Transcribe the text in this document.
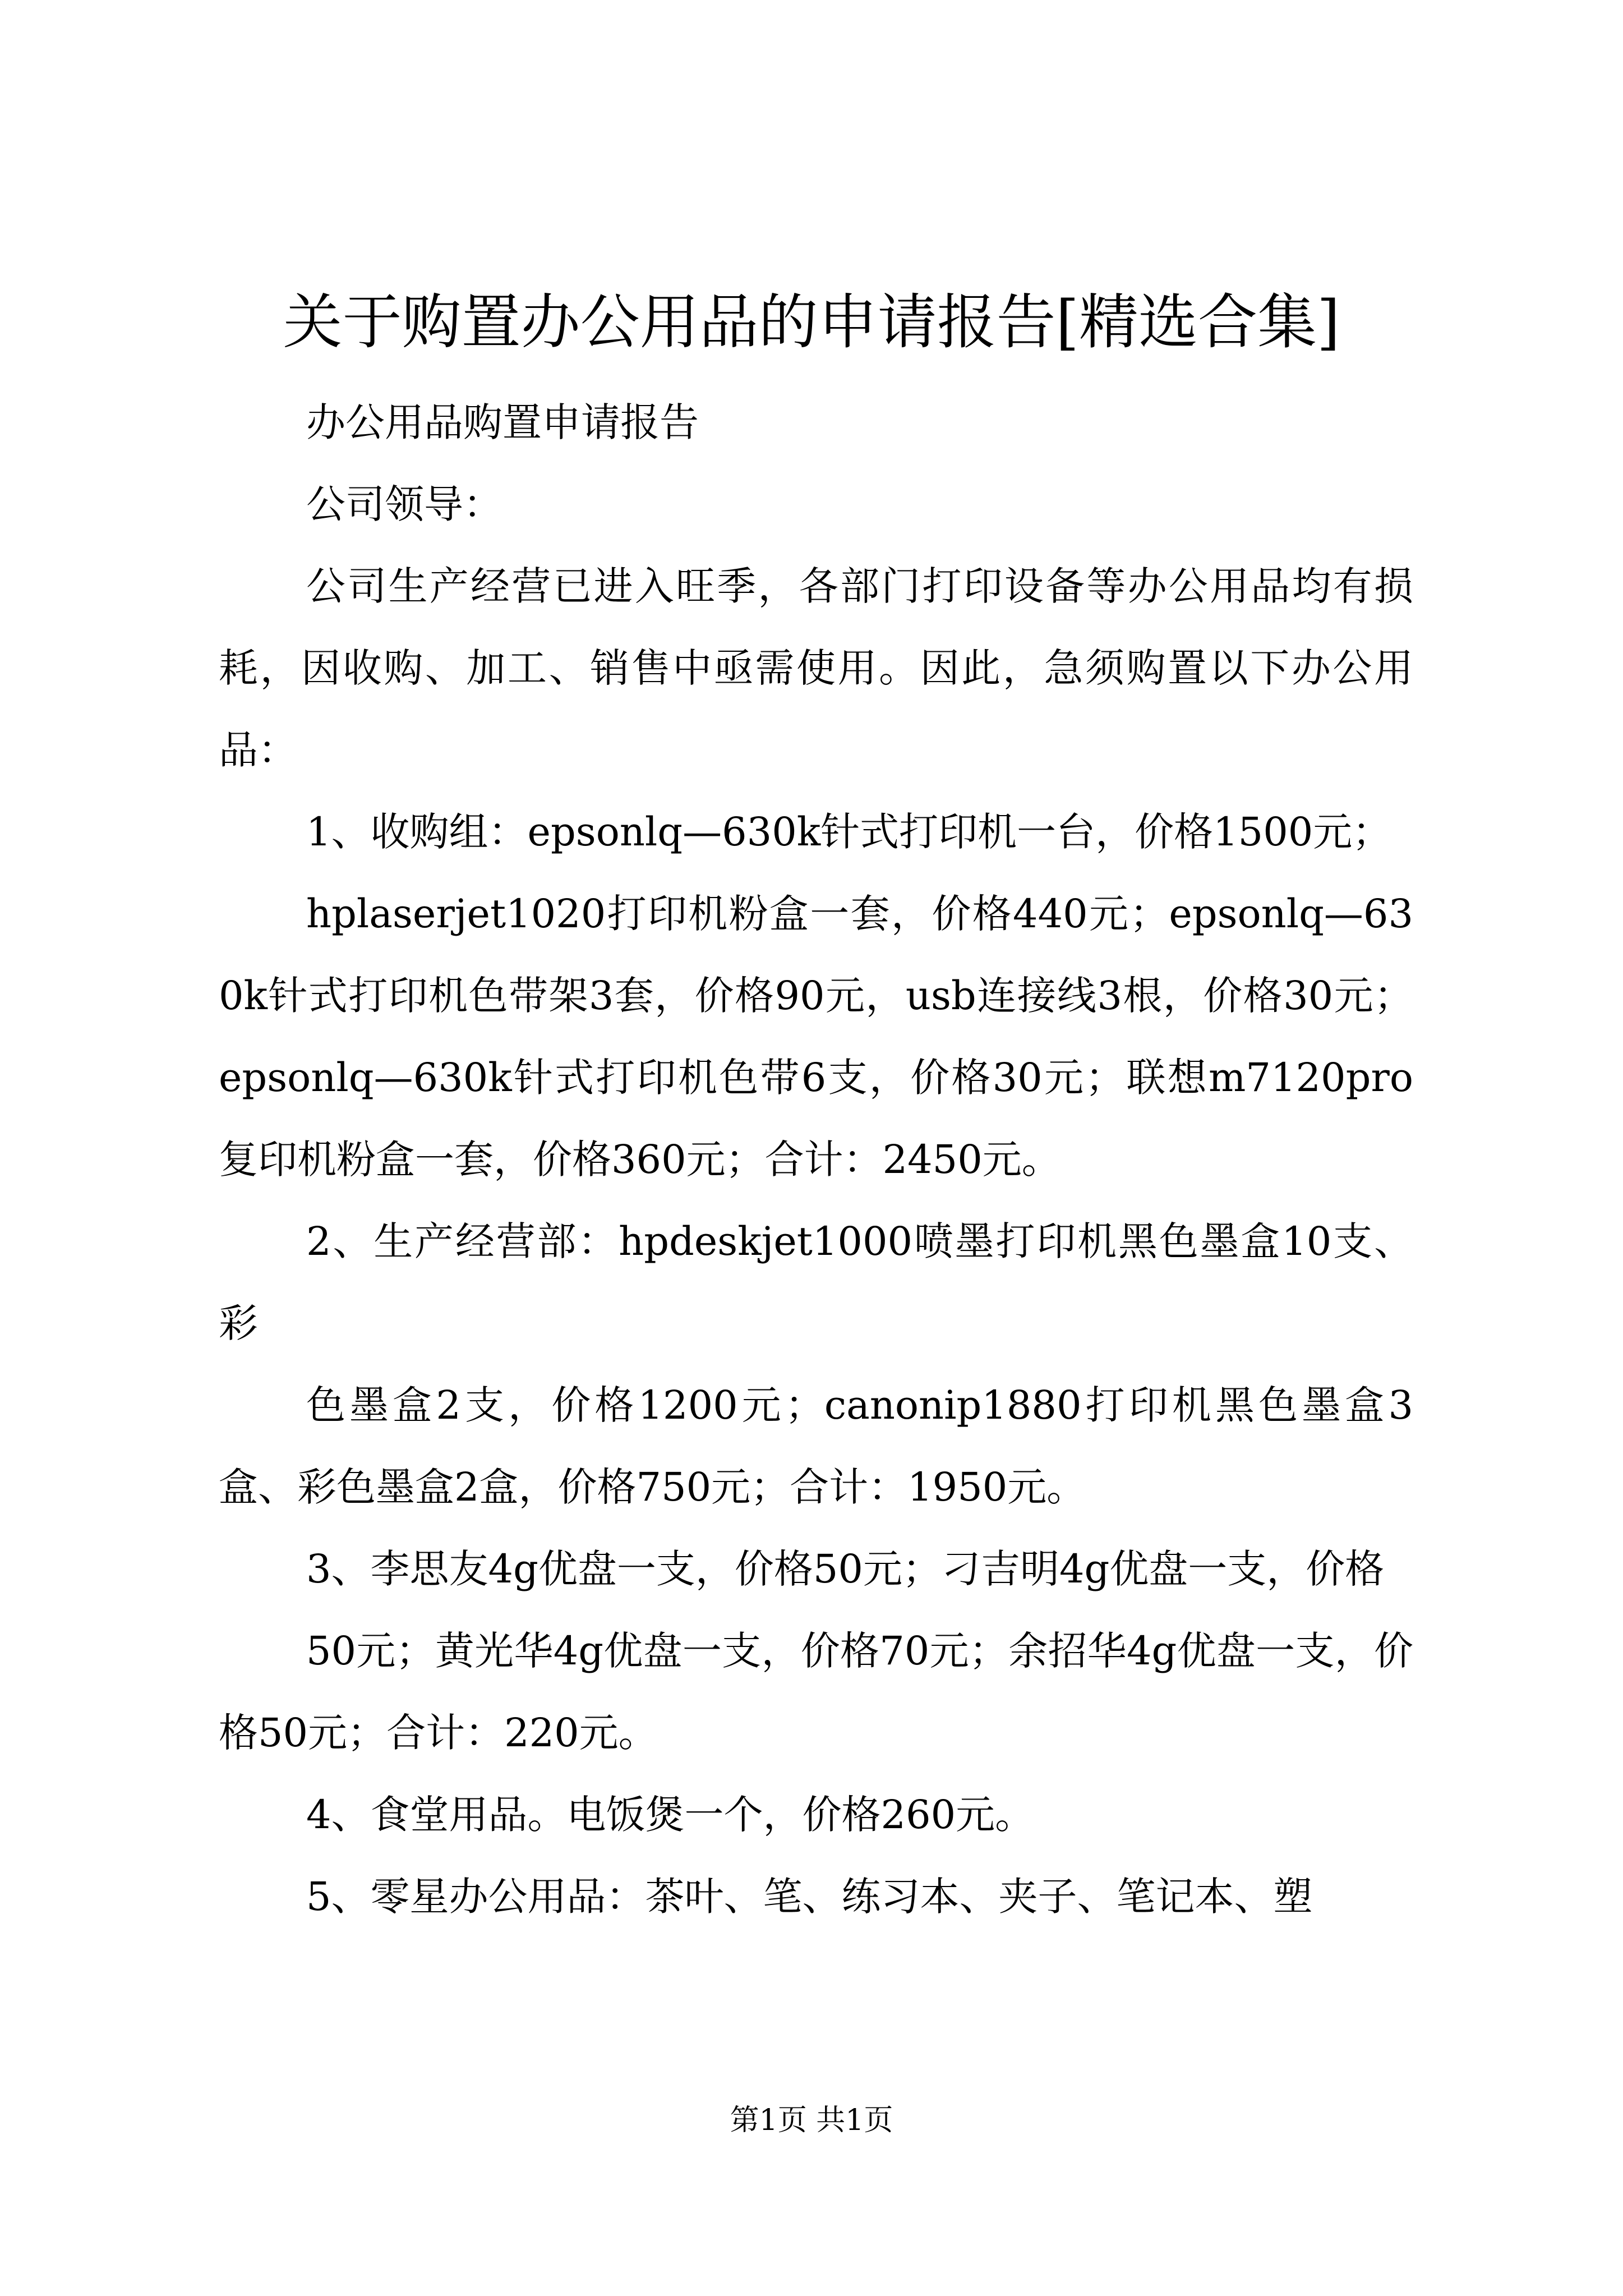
关于购置办公用品的申请报告[精选合集]

办公用品购置申请报告

公司领导：

公司生产经营已进入旺季，各部门打印设备等办公用品均有损耗，因收购、加工、销售中亟需使用。因此，急须购置以下办公用品：

1、收购组：epsonlq—630k针式打印机一台，价格1500元；

hplaserjet1020打印机粉盒一套，价格440元；epsonlq—630k针式打印机色带架3套，价格90元，usb连接线3根，价格30元；epsonlq—630k针式打印机色带6支，价格30元；联想m7120pro复印机粉盒一套，价格360元；合计：2450元。

2、生产经营部：hpdeskjet1000喷墨打印机黑色墨盒10支、彩

色墨盒2支，价格1200元；canonip1880打印机黑色墨盒3盒、彩色墨盒2盒，价格750元；合计：1950元。

3、李思友4g优盘一支，价格50元；刁吉明4g优盘一支，价格

50元；黄光华4g优盘一支，价格70元；余招华4g优盘一支，价格50元；合计：220元。

4、食堂用品。电饭煲一个，价格260元。

5、零星办公用品：茶叶、笔、练习本、夹子、笔记本、塑

第1页 共1页
